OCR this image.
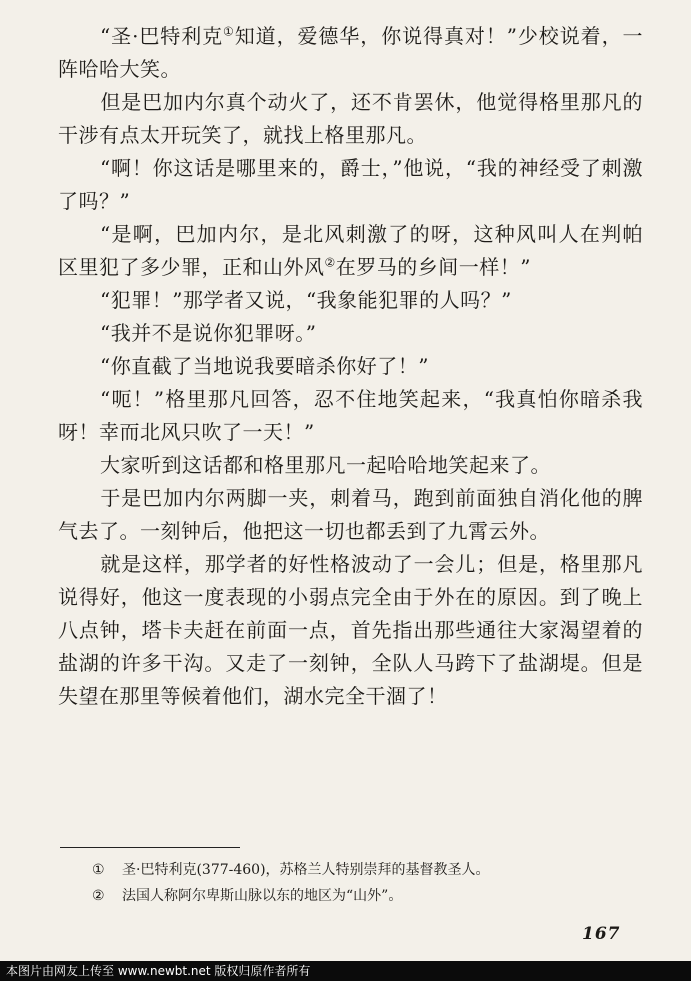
“圣·巴特利克①知道，爱德华，你说得真对！”少校说着，一阵哈哈大笑。

但是巴加内尔真个动火了，还不肯罢休，他觉得格里那凡的干涉有点太开玩笑了，就找上格里那凡。

“啊！你这话是哪里来的，爵士，”他说，“我的神经受了刺激了吗？”

“是啊，巴加内尔，是北风刺激了的呀，这种风叫人在判帕区里犯了多少罪，正和山外风②在罗马的乡间一样！”

“犯罪！”那学者又说，“我象能犯罪的人吗？”

“我并不是说你犯罪呀。”

“你直截了当地说我要暗杀你好了！”

“呃！”格里那凡回答，忍不住地笑起来，“我真怕你暗杀我呀！幸而北风只吹了一天！”

大家听到这话都和格里那凡一起哈哈地笑起来了。

于是巴加内尔两脚一夹，刺着马，跑到前面独自消化他的脾气去了。一刻钟后，他把这一切也都丢到了九霄云外。

就是这样，那学者的好性格波动了一会儿；但是，格里那凡说得好，他这一度表现的小弱点完全由于外在的原因。到了晚上八点钟，塔卡夫赶在前面一点，首先指出那些通往大家渴望着的盐湖的许多干沟。又走了一刻钟，全队人马跨下了盐湖堤。但是失望在那里等候着他们，湖水完全干涸了！

① 圣·巴特利克(377-460)，苏格兰人特别崇拜的基督教圣人。
② 法国人称阿尔卑斯山脉以东的地区为“山外”。
167
本图片由网友上传至 www.newbt.net 版权归原作者所有
